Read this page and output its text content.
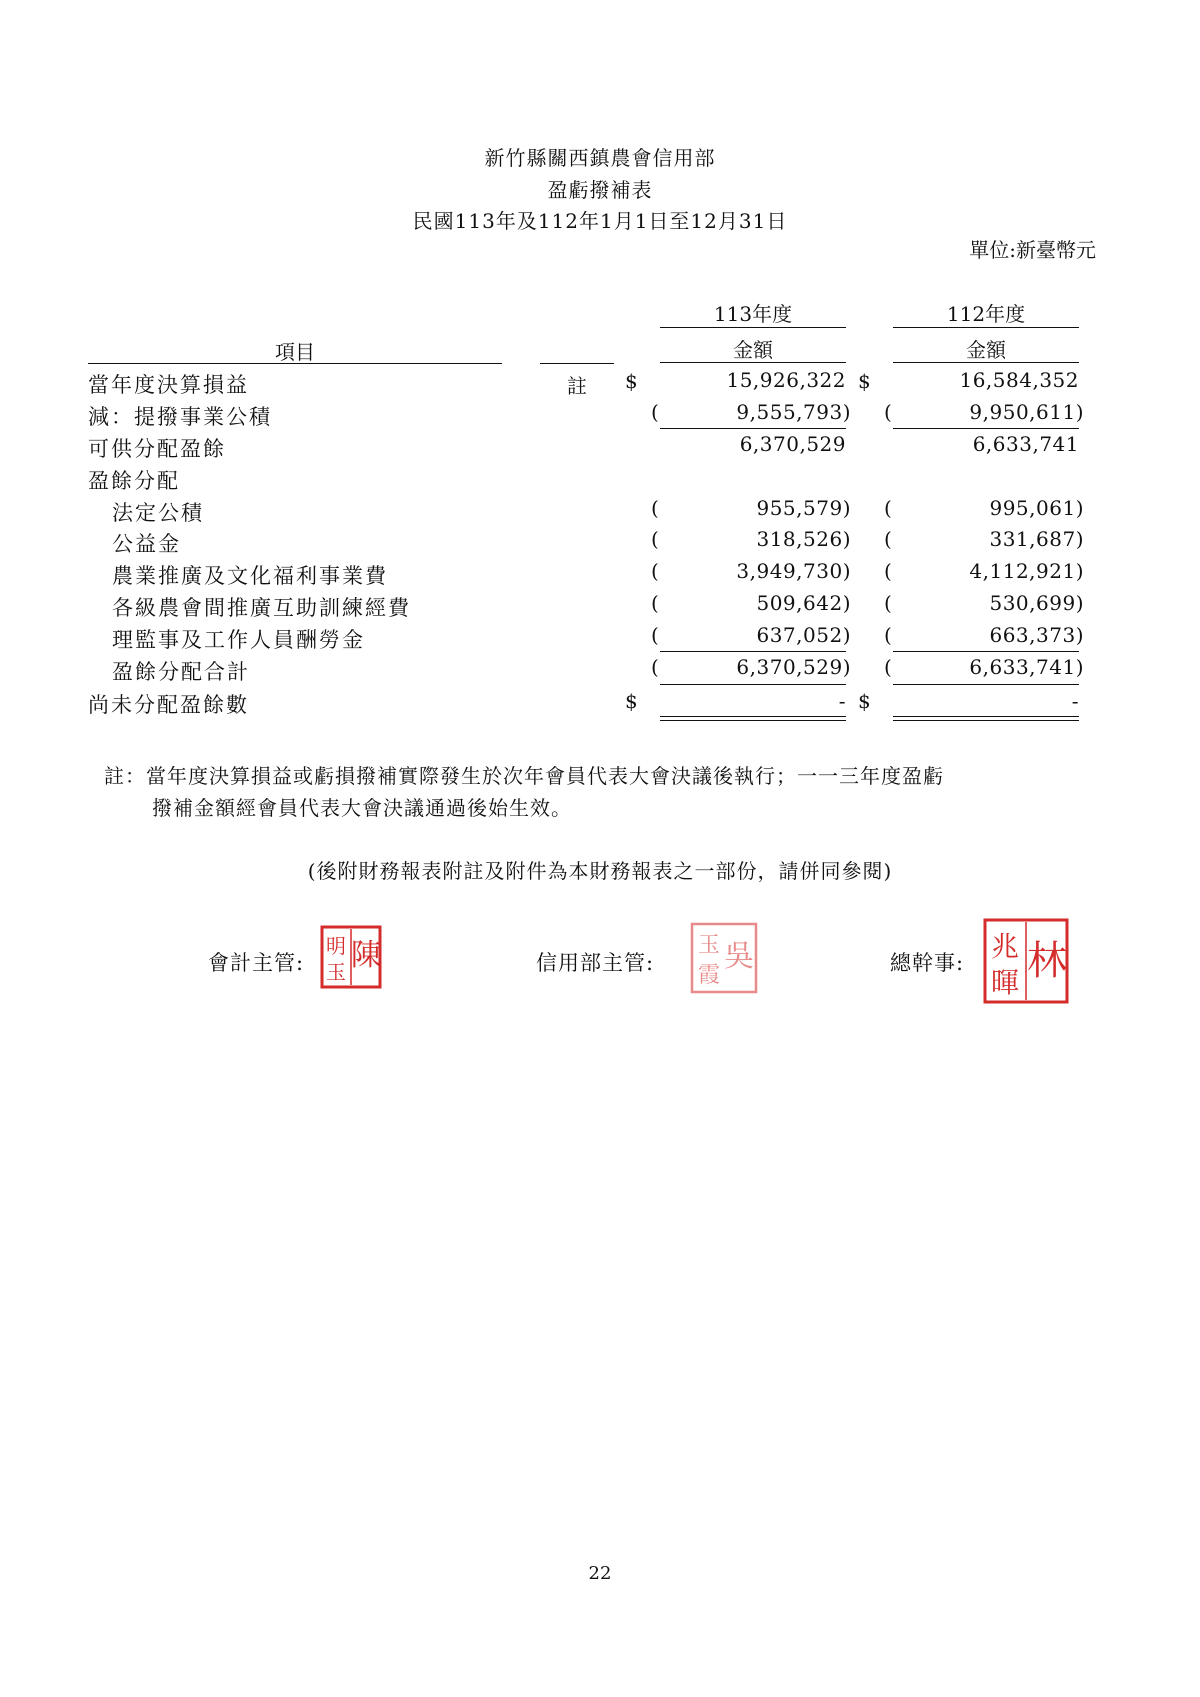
新竹縣關西鎮農會信用部
盈虧撥補表
民國113年及112年1月1日至12月31日
單位:新臺幣元
113年度	112年度
項目	金額	金額
當年度決算損益	註 $	15,926,322 $	16,584,352
減：提撥事業公積	(	9,555,793) (	9,950,611)
可供分配盈餘	6,370,529	6,633,741
盈餘分配
法定公積	(	955,579) (	995,061)
公益金	(	318,526) (	331,687)
農業推廣及文化福利事業費	(	3,949,730) (	4,112,921)
各級農會間推廣互助訓練經費	(	509,642) (	530,699)
理監事及工作人員酬勞金	(	637,052) (	663,373)
盈餘分配合計	(	6,370,529) (	6,633,741)
尚未分配盈餘數	$	- $	-
註：當年度決算損益或虧損撥補實際發生於次年會員代表大會決議後執行；一一三年度盈虧
撥補金額經會員代表大會決議通過後始生效。
(後附財務報表附註及附件為本財務報表之一部份，請併同參閱)
會計主管:	信用部主管:	總幹事:
陳
明
玉	吳
玉
霞	林
兆
暉
22
